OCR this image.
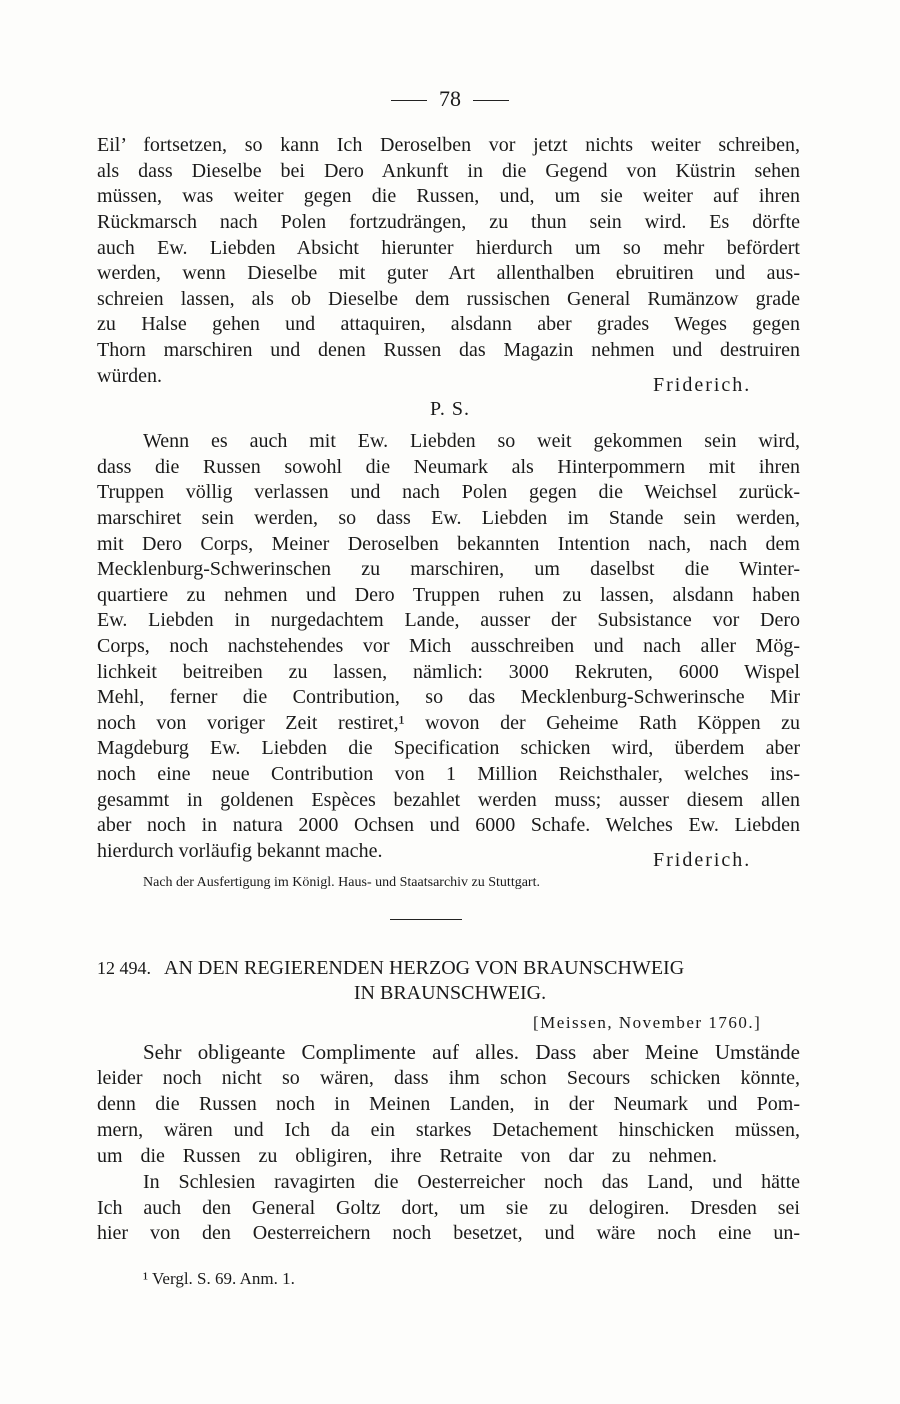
78
Eil’ fortsetzen, so kann Ich Deroselben vor jetzt nichts weiter schreiben,
als dass Dieselbe bei Dero Ankunft in die Gegend von Küstrin sehen
müssen, was weiter gegen die Russen, und, um sie weiter auf ihren
Rückmarsch nach Polen fortzudrängen, zu thun sein wird. Es dörfte
auch Ew. Liebden Absicht hierunter hierdurch um so mehr befördert
werden, wenn Dieselbe mit guter Art allenthalben ebruitiren und aus-
schreien lassen, als ob Dieselbe dem russischen General Rumänzow grade
zu Halse gehen und attaquiren, alsdann aber grades Weges gegen
Thorn marschiren und denen Russen das Magazin nehmen und destruiren
würden.	Friderich.
P. S.
Wenn es auch mit Ew. Liebden so weit gekommen sein wird,
dass die Russen sowohl die Neumark als Hinterpommern mit ihren
Truppen völlig verlassen und nach Polen gegen die Weichsel zurück-
marschiret sein werden, so dass Ew. Liebden im Stande sein werden,
mit Dero Corps, Meiner Deroselben bekannten Intention nach, nach dem
Mecklenburg-Schwerinschen zu marschiren, um daselbst die Winter-
quartiere zu nehmen und Dero Truppen ruhen zu lassen, alsdann haben
Ew. Liebden in nurgedachtem Lande, ausser der Subsistance vor Dero
Corps, noch nachstehendes vor Mich ausschreiben und nach aller Mög-
lichkeit beitreiben zu lassen, nämlich: 3000 Rekruten, 6000 Wispel
Mehl, ferner die Contribution, so das Mecklenburg-Schwerinsche Mir
noch von voriger Zeit restiret,¹ wovon der Geheime Rath Köppen zu
Magdeburg Ew. Liebden die Specification schicken wird, überdem aber
noch eine neue Contribution von 1 Million Reichsthaler, welches ins-
gesammt in goldenen Espèces bezahlet werden muss; ausser diesem allen
aber noch in natura 2000 Ochsen und 6000 Schafe. Welches Ew. Liebden
hierdurch vorläufig bekannt mache.	Friderich.
Nach der Ausfertigung im Königl. Haus- und Staatsarchiv zu Stuttgart.
12 494. AN DEN REGIERENDEN HERZOG VON BRAUNSCHWEIG
IN BRAUNSCHWEIG.
[Meissen, November 1760.]
Sehr obligeante Complimente auf alles. Dass aber Meine Umstände
leider noch nicht so wären, dass ihm schon Secours schicken könnte,
denn die Russen noch in Meinen Landen, in der Neumark und Pom-
mern, wären und Ich da ein starkes Detachement hinschicken müssen,
um die Russen zu obligiren, ihre Retraite von dar zu nehmen.
In Schlesien ravagirten die Oesterreicher noch das Land, und hätte
Ich auch den General Goltz dort, um sie zu delogiren. Dresden sei
hier von den Oesterreichern noch besetzet, und wäre noch eine un-
¹ Vergl. S. 69. Anm. 1.
